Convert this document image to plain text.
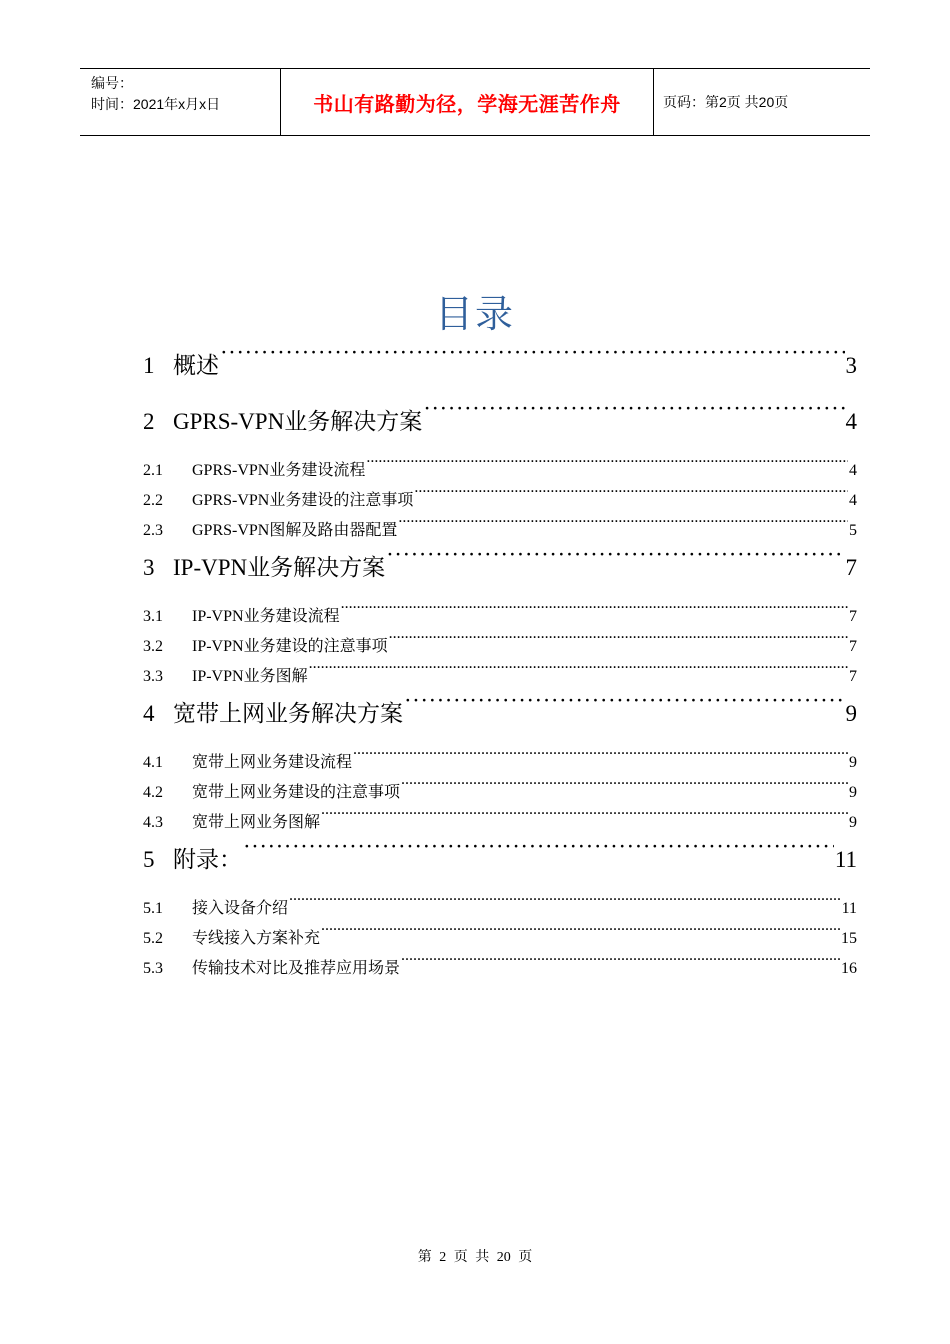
编号：
时间：2021年x月x日	书山有路勤为径，学海无涯苦作舟	页码：第2页 共20页
目录
1 概述 ·····	3
2 GPRS-VPN业务解决方案 ·····	4
2.1	GPRS-VPN业务建设流程 .....	4
2.2	GPRS-VPN业务建设的注意事项 .....	4
2.3	GPRS-VPN图解及路由器配置 .....	5
3 IP-VPN业务解决方案 ·····	7
3.1	IP-VPN业务建设流程 .....	7
3.2	IP-VPN业务建设的注意事项 .....	7
3.3	IP-VPN业务图解 .....	7
4 宽带上网业务解决方案 ·····	9
4.1	宽带上网业务建设流程 .....	9
4.2	宽带上网业务建设的注意事项 .....	9
4.3	宽带上网业务图解 .....	9
5 附录： ·····	11
5.1	接入设备介绍 .....	11
5.2	专线接入方案补充 .....	15
5.3	传输技术对比及推荐应用场景 .....	16
第 2 页 共 20 页
